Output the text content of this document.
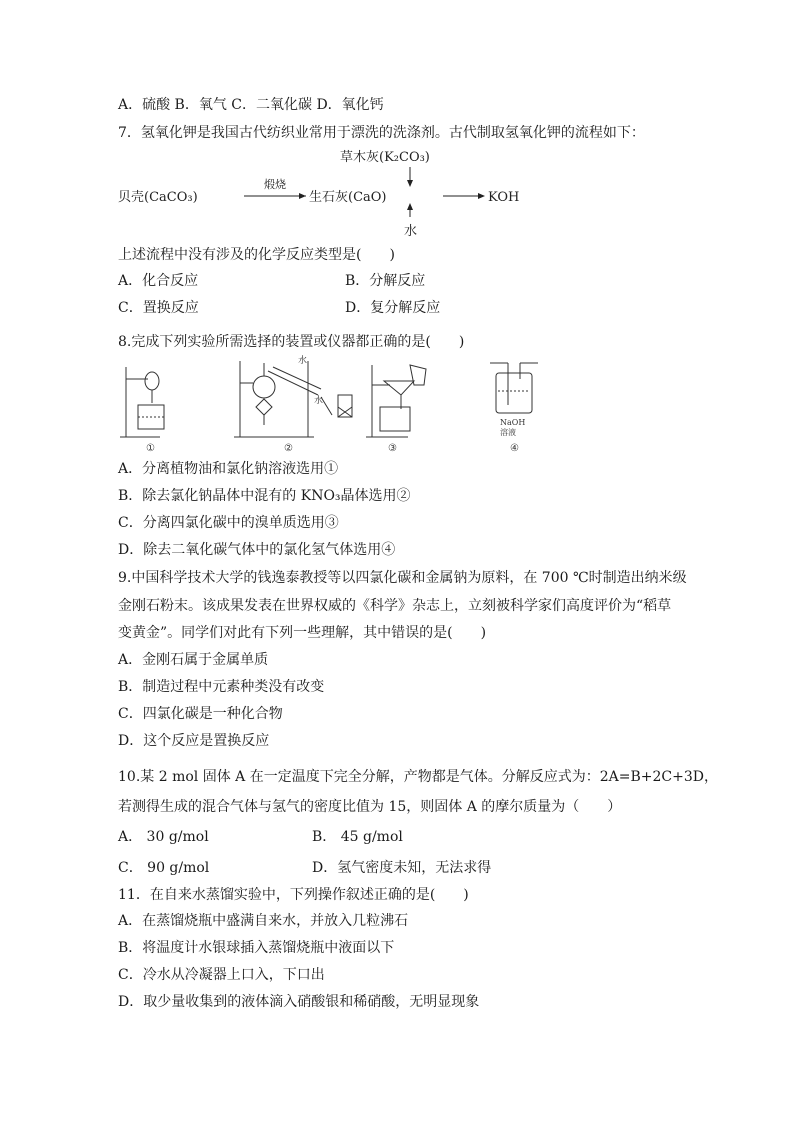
A．硫酸 B．氧气 C．二氧化碳 D．氧化钙
7．氢氧化钾是我国古代纺织业常用于漂洗的洗涤剂。古代制取氢氧化钾的流程如下：
贝壳(CaCO₃)
煅烧
生石灰(CaO)
草木灰(K₂CO₃)
水
KOH
上述流程中没有涉及的化学反应类型是(　　)
A．化合反应	B．分解反应
C．置换反应	D．复分解反应
8.完成下列实验所需选择的装置或仪器都正确的是(　　)
水
水
NaOH
溶液
①	②	③	④
A．分离植物油和氯化钠溶液选用①
B．除去氯化钠晶体中混有的 KNO₃晶体选用②
C．分离四氯化碳中的溴单质选用③
D．除去二氧化碳气体中的氯化氢气体选用④
9.中国科学技术大学的钱逸泰教授等以四氯化碳和金属钠为原料，在 700 ℃时制造出纳米级
金刚石粉末。该成果发表在世界权威的《科学》杂志上，立刻被科学家们高度评价为“稻草
变黄金”。同学们对此有下列一些理解，其中错误的是(　　)
A．金刚石属于金属单质
B．制造过程中元素种类没有改变
C．四氯化碳是一种化合物
D．这个反应是置换反应
10.某 2 mol 固体 A 在一定温度下完全分解，产物都是气体。分解反应式为：2A=B+2C+3D，
若测得生成的混合气体与氢气的密度比值为 15，则固体 A 的摩尔质量为（　　）
A． 30 g/mol	B． 45 g/mol
C． 90 g/mol	D．氢气密度未知，无法求得
11．在自来水蒸馏实验中，下列操作叙述正确的是(　　)
A．在蒸馏烧瓶中盛满自来水，并放入几粒沸石
B．将温度计水银球插入蒸馏烧瓶中液面以下
C．冷水从冷凝器上口入，下口出
D．取少量收集到的液体滴入硝酸银和稀硝酸，无明显现象
